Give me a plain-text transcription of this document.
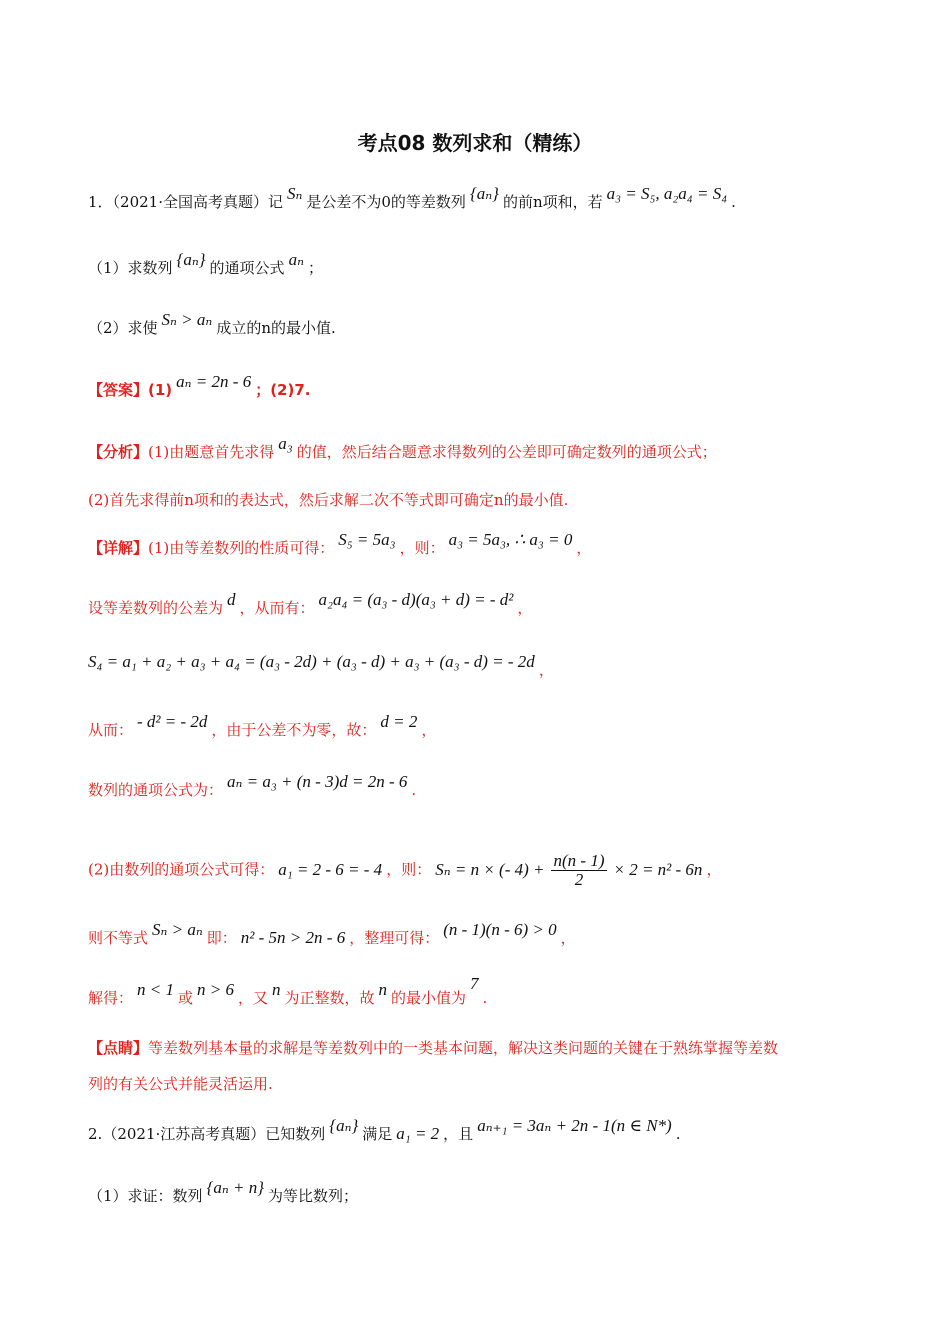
考点08 数列求和（精练）
1．（2021·全国高考真题）记 Sₙ 是公差不为0的等差数列 {aₙ} 的前n项和，若 a₃ = S₅, a₂a₄ = S₄ .
（1）求数列 {aₙ} 的通项公式 aₙ ；
（2）求使 Sₙ > aₙ 成立的n的最小值.
【答案】(1) aₙ = 2n - 6 ；(2)7.
【分析】(1)由题意首先求得 a₃ 的值，然后结合题意求得数列的公差即可确定数列的通项公式；
(2)首先求得前n项和的表达式，然后求解二次不等式即可确定n的最小值.
【详解】(1)由等差数列的性质可得： S₅ = 5a₃ ，则： a₃ = 5a₃, ∴ a₃ = 0 ，
设等差数列的公差为 d ，从而有： a₂a₄ = (a₃ - d)(a₃ + d) = - d² ，
S₄ = a₁ + a₂ + a₃ + a₄ = (a₃ - 2d) + (a₃ - d) + a₃ + (a₃ - d) = - 2d ，
从而： - d² = - 2d ，由于公差不为零，故： d = 2 ，
数列的通项公式为： aₙ = a₃ + (n - 3)d = 2n - 6 .
(2)由数列的通项公式可得： a₁ = 2 - 6 = - 4 ，则： Sₙ = n × (- $4) + \frac{n(n - 1)}{2} \times 2 = n^2 - 6n$ ，
则不等式 Sₙ > aₙ 即： n² - 5n > 2n - 6 ，整理可得： (n - 1)(n - 6) > 0 ，
解得： n < 1 或 n > 6 ，又 n 为正整数，故 n 的最小值为7.
【点睛】等差数列基本量的求解是等差数列中的一类基本问题，解决这类问题的关键在于熟练掌握等差数
列的有关公式并能灵活运用.
2.（2021·江苏高考真题）已知数列 {aₙ} 满足 a₁ = 2 ，且 aₙ₊₁ = 3aₙ + 2n - 1(n ∈ N*) .
（1）求证：数列 {aₙ + n} 为等比数列；
